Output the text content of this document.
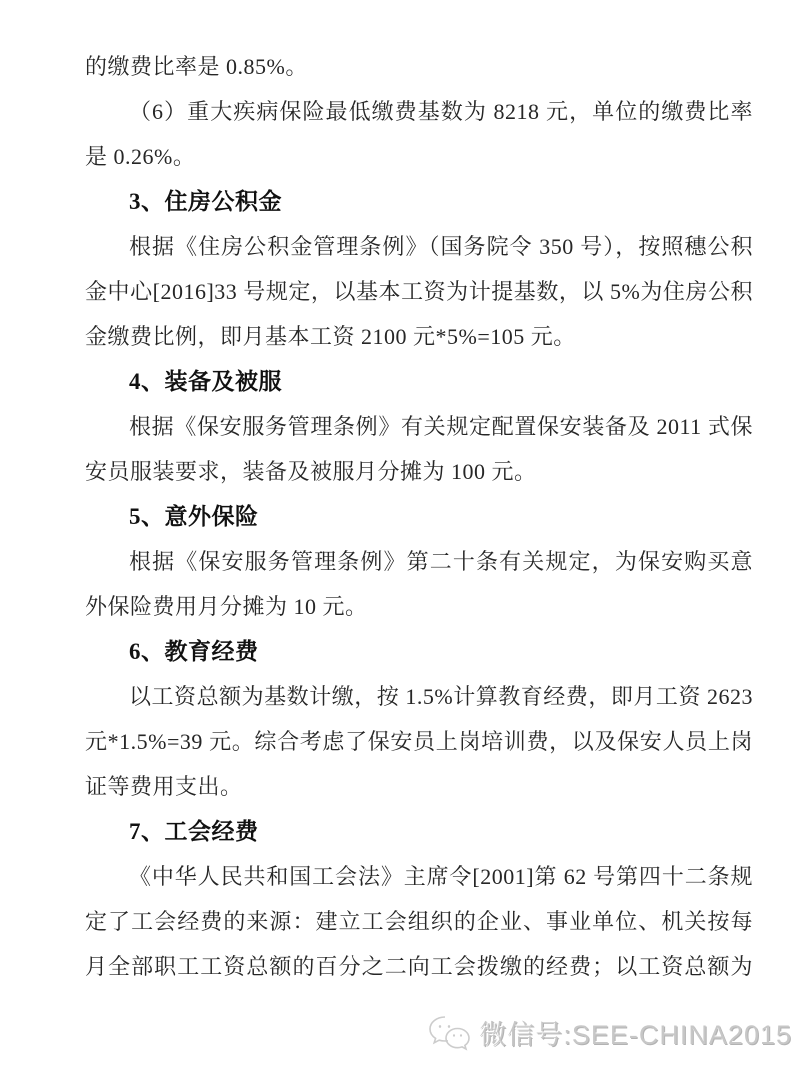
的缴费比率是 0.85%。
（6）重大疾病保险最低缴费基数为 8218 元，单位的缴费比率
是 0.26%。
3、住房公积金
根据《住房公积金管理条例》（国务院令 350 号），按照穗公积
金中心[2016]33 号规定，以基本工资为计提基数，以 5%为住房公积
金缴费比例，即月基本工资 2100 元*5%=105 元。
4、装备及被服
根据《保安服务管理条例》有关规定配置保安装备及 2011 式保
安员服装要求，装备及被服月分摊为 100 元。
5、意外保险
根据《保安服务管理条例》第二十条有关规定，为保安购买意
外保险费用月分摊为 10 元。
6、教育经费
以工资总额为基数计缴，按 1.5%计算教育经费，即月工资 2623
元*1.5%=39 元。综合考虑了保安员上岗培训费，以及保安人员上岗
证等费用支出。
7、工会经费
《中华人民共和国工会法》主席令[2001]第 62 号第四十二条规
定了工会经费的来源：建立工会组织的企业、事业单位、机关按每
月全部职工工资总额的百分之二向工会拨缴的经费；以工资总额为
微信号:SEE-CHINA2015
